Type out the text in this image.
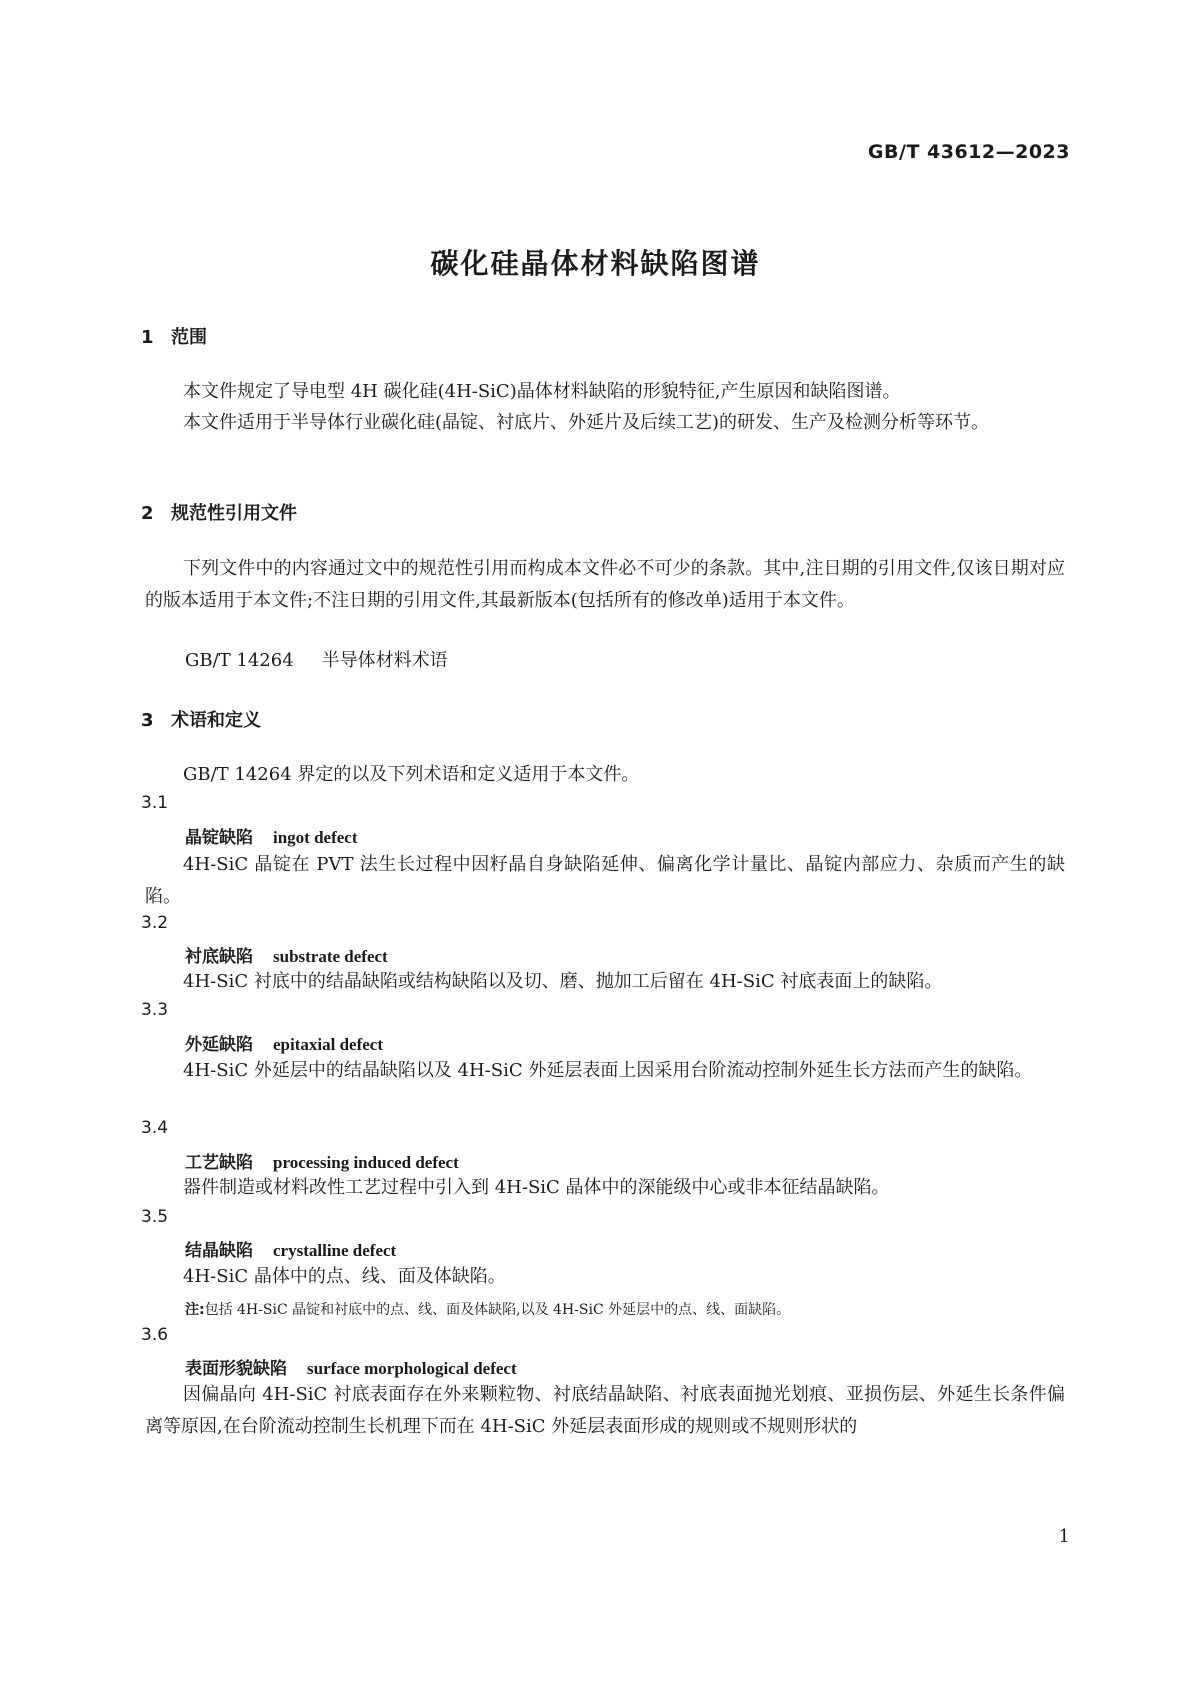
GB/T 43612—2023
碳化硅晶体材料缺陷图谱
1 范围
本文件规定了导电型 4H 碳化硅(4H-SiC)晶体材料缺陷的形貌特征,产生原因和缺陷图谱。
本文件适用于半导体行业碳化硅(晶锭、衬底片、外延片及后续工艺)的研发、生产及检测分析等环节。
2 规范性引用文件
下列文件中的内容通过文中的规范性引用而构成本文件必不可少的条款。其中,注日期的引用文件,仅该日期对应的版本适用于本文件;不注日期的引用文件,其最新版本(包括所有的修改单)适用于本文件。
GB/T 14264 半导体材料术语
3 术语和定义
GB/T 14264 界定的以及下列术语和定义适用于本文件。
3.1
晶锭缺陷 ingot defect
4H-SiC 晶锭在 PVT 法生长过程中因籽晶自身缺陷延伸、偏离化学计量比、晶锭内部应力、杂质而产生的缺陷。
3.2
衬底缺陷 substrate defect
4H-SiC 衬底中的结晶缺陷或结构缺陷以及切、磨、抛加工后留在 4H-SiC 衬底表面上的缺陷。
3.3
外延缺陷 epitaxial defect
4H-SiC 外延层中的结晶缺陷以及 4H-SiC 外延层表面上因采用台阶流动控制外延生长方法而产生的缺陷。
3.4
工艺缺陷 processing induced defect
器件制造或材料改性工艺过程中引入到 4H-SiC 晶体中的深能级中心或非本征结晶缺陷。
3.5
结晶缺陷 crystalline defect
4H-SiC 晶体中的点、线、面及体缺陷。
注:包括 4H-SiC 晶锭和衬底中的点、线、面及体缺陷,以及 4H-SiC 外延层中的点、线、面缺陷。
3.6
表面形貌缺陷 surface morphological defect
因偏晶向 4H-SiC 衬底表面存在外来颗粒物、衬底结晶缺陷、衬底表面抛光划痕、亚损伤层、外延生长条件偏离等原因,在台阶流动控制生长机理下而在 4H-SiC 外延层表面形成的规则或不规则形状的
1
